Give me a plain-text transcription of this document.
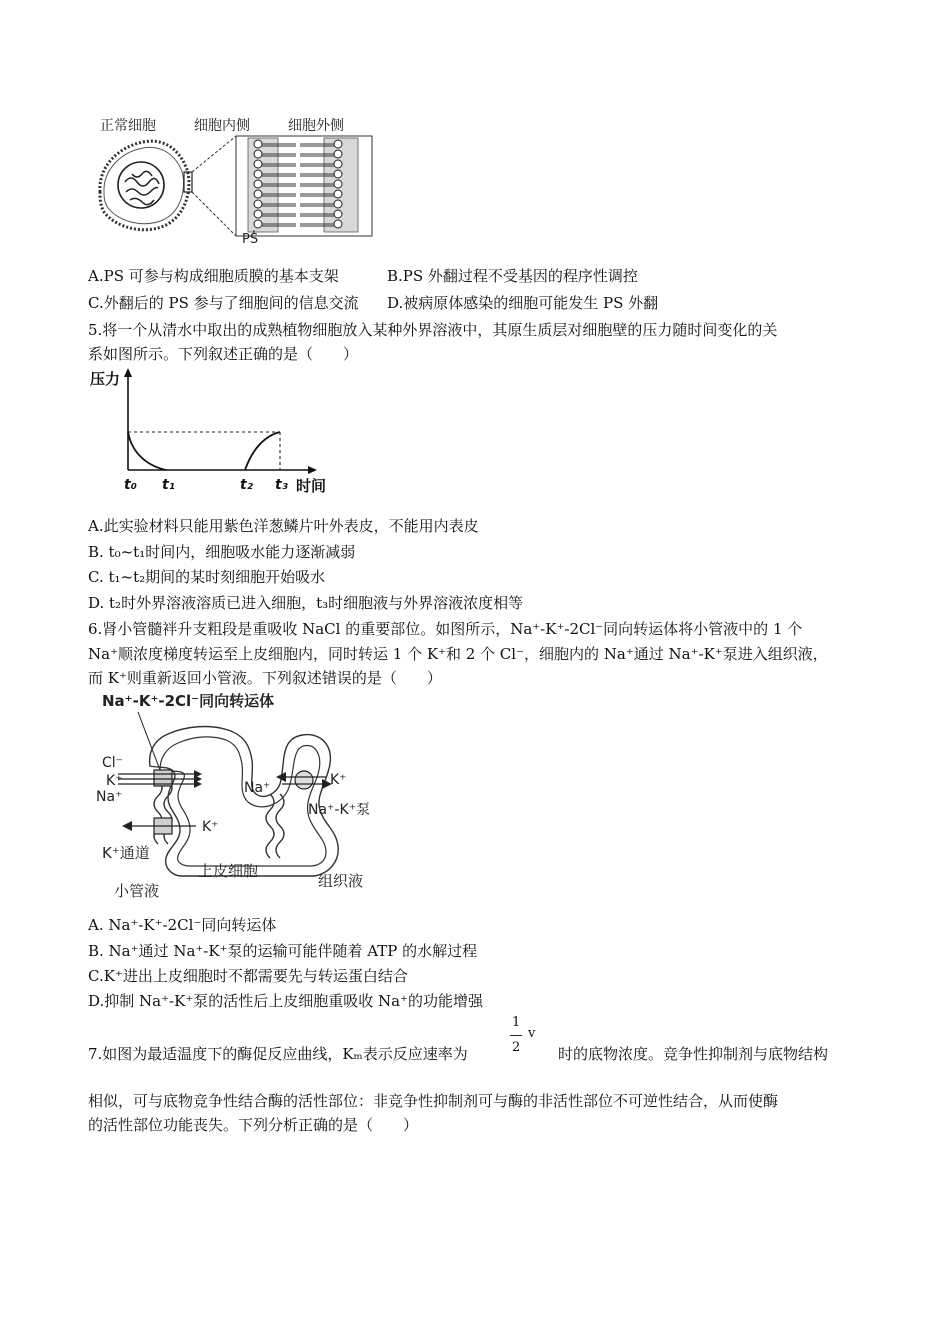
正常细胞	细胞内侧	细胞外侧
PS
A.PS 可参与构成细胞质膜的基本支架	B.PS 外翻过程不受基因的程序性调控
C.外翻后的 PS 参与了细胞间的信息交流 D.被病原体感染的细胞可能发生 PS 外翻
5.将一个从清水中取出的成熟植物细胞放入某种外界溶液中，其原生质层对细胞壁的压力随时间变化的关
系如图所示。下列叙述正确的是（　　）
压力
t₀ t₁	t₂ t₃ 时间
A.此实验材料只能用紫色洋葱鳞片叶外表皮，不能用内表皮
B. t₀~t₁时间内，细胞吸水能力逐渐减弱
C. t₁~t₂期间的某时刻细胞开始吸水
D. t₂时外界溶液溶质已进入细胞，t₃时细胞液与外界溶液浓度相等
6.肾小管髓袢升支粗段是重吸收 NaCl 的重要部位。如图所示，Na⁺-K⁺-2Cl⁻同向转运体将小管液中的 1 个
Na⁺顺浓度梯度转运至上皮细胞内，同时转运 1 个 K⁺和 2 个 Cl⁻，细胞内的 Na⁺通过 Na⁺-K⁺泵进入组织液，
而 K⁺则重新返回小管液。下列叙述错误的是（　　）
Na⁺-K⁺-2Cl⁻同向转运体
Cl⁻
K⁺
Na⁺
K⁺
K⁺通道
Na⁺	K⁺
Na⁺-K⁺泵
上皮细胞
小管液
组织液
A. Na⁺-K⁺-2Cl⁻同向转运体
B. Na⁺通过 Na⁺-K⁺泵的运输可能伴随着 ATP 的水解过程
C.K⁺进出上皮细胞时不都需要先与转运蛋白结合
D.抑制 Na⁺-K⁺泵的活性后上皮细胞重吸收 Na⁺的功能增强
7.如图为最适温度下的酶促反应曲线，Kₘ表示反应速率为
1
2
v
时的底物浓度。竞争性抑制剂与底物结构
相似，可与底物竞争性结合酶的活性部位：非竞争性抑制剂可与酶的非活性部位不可逆性结合，从而使酶
的活性部位功能丧失。下列分析正确的是（　　）
